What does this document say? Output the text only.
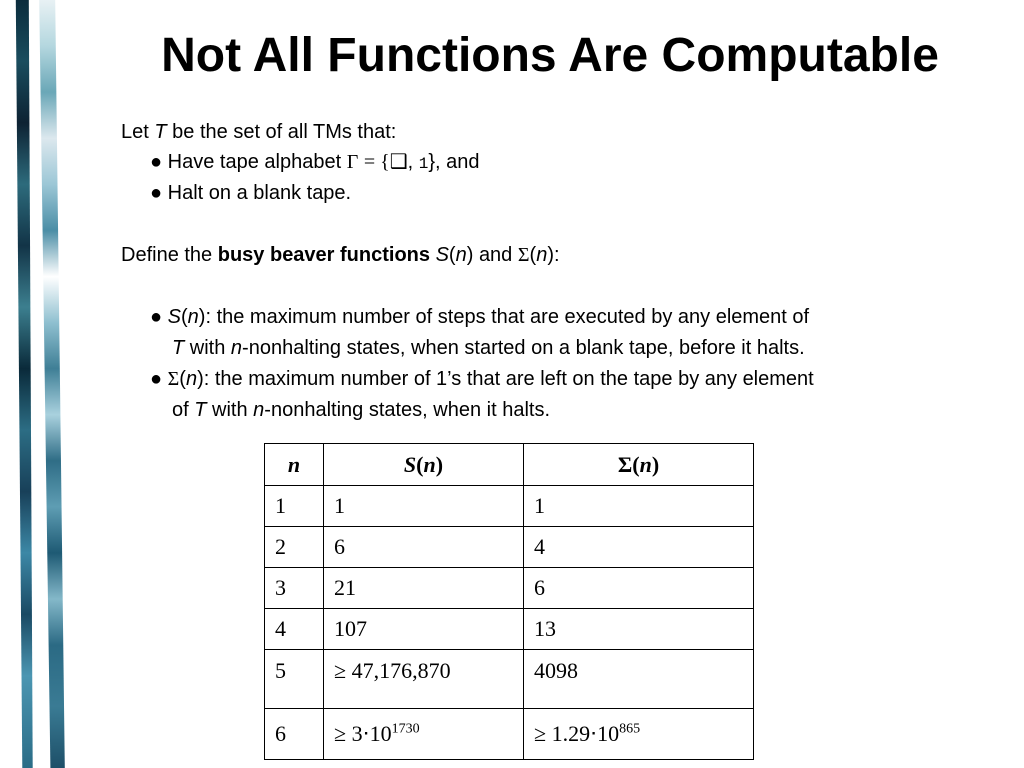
Not All Functions Are Computable
Let T be the set of all TMs that:
● Have tape alphabet Γ = {❑, 1}, and
● Halt on a blank tape.
Define the busy beaver functions S(n) and Σ(n):
● S(n): the maximum number of steps that are executed by any element of
T with n-nonhalting states, when started on a blank tape, before it halts.
● Σ(n): the maximum number of 1’s that are left on the tape by any element
of T with n-nonhalting states, when it halts.
n	S(n)	Σ(n)
1	1	1
2	6	4
3	21	6
4	107	13
5	≥ 47,176,870	4098
6	≥ $3\cdot 10^{1730}$	≥ $1.29\cdot 10^{865}$
